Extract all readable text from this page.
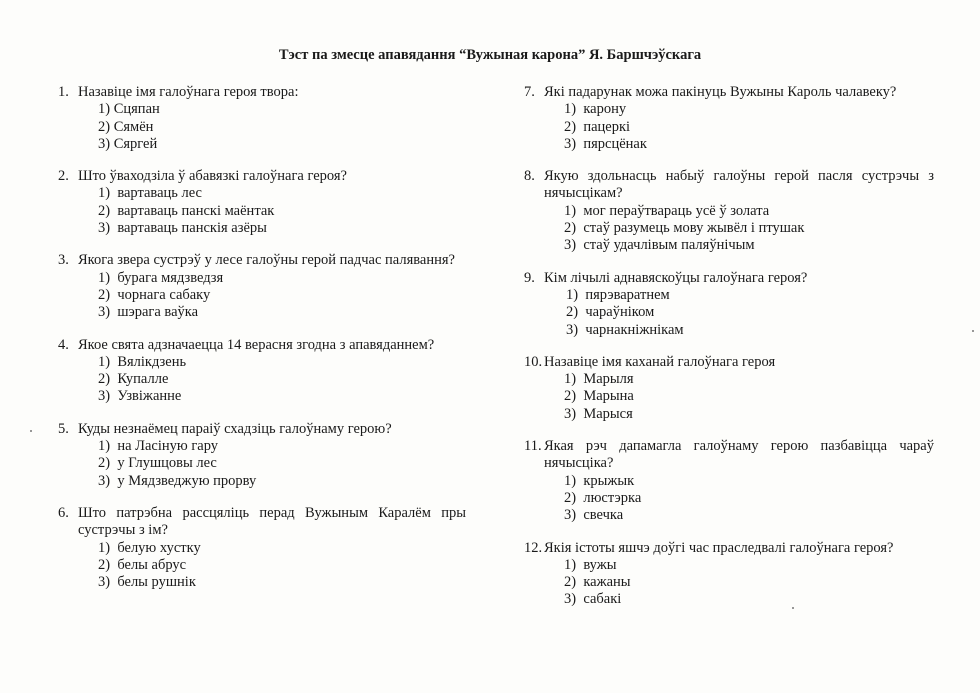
Тэст па змесце апавядання “Вужыная карона” Я. Баршчэўскага
1. Назавіце імя галоўнага героя твора:
1) Сцяпан
2) Сямён
3) Сяргей
2. Што ўваходзіла ў абавязкі галоўнага героя?
1)  вартаваць лес
2)  вартаваць панскі маёнтак
3)  вартаваць панскія азёры
3. Якога звера сустрэў у лесе галоўны герой падчас палявання?
1)  бурага мядзведзя
2)  чорнага сабаку
3)  шэрага ваўка
4. Якое свята адзначаецца 14 верасня згодна з апавяданнем?
1)  Вялікдзень
2)  Купалле
3)  Узвіжанне
5. Куды незнаёмец параіў схадзіць галоўнаму герою?
1)  на Ласіную гару
2)  у Глушцовы лес
3)  у Мядзведжую прорву
6. Што патрэбна рассцяліць перад Вужыным Каралём пры сустрэчы з ім?
1)  белую хустку
2)  белы абрус
3)  белы рушнік
7. Які падарунак можа пакінуць Вужыны Кароль чалавеку?
1)  карону
2)  пацеркі
3)  пярсцёнак
8. Якую здольнасць набыў галоўны герой пасля сустрэчы з нячысцікам?
1)  мог пераўтвараць усё ў золата
2)  стаў разумець мову жывёл і птушак
3)  стаў удачлівым паляўнічым
9. Кім лічылі аднавяскоўцы галоўнага героя?
1)  пярэваратнем
2)  чараўніком
3)  чарнакніжнікам
10. Назавіце імя каханай галоўнага героя
1)  Марыля
2)  Марына
3)  Марыся
11. Якая рэч дапамагла галоўнаму герою пазбавіцца чараў нячысціка?
1)  крыжык
2)  люстэрка
3)  свечка
12. Якія істоты яшчэ доўгі час праследвалі галоўнага героя?
1)  вужы
2)  кажаны
3)  сабакі
